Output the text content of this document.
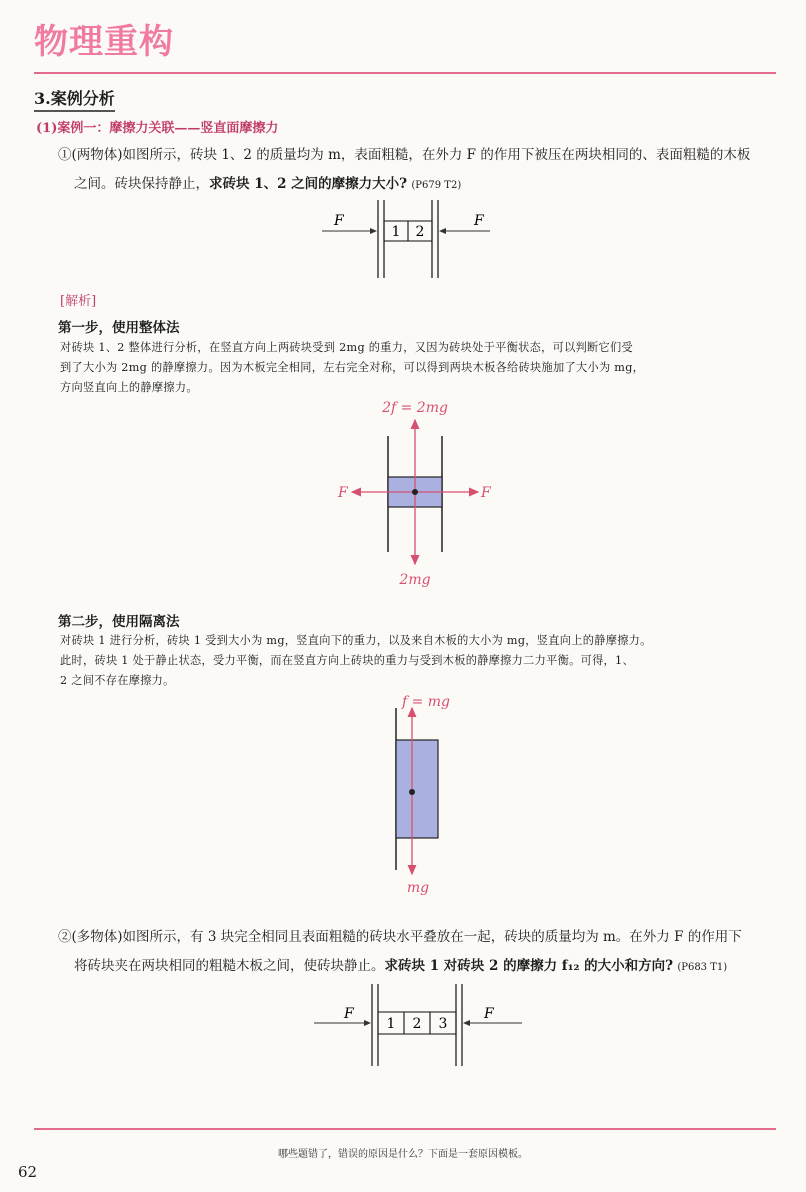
物理重构
3.案例分析
(1)案例一：摩擦力关联——竖直面摩擦力
①(两物体)如图所示，砖块 1、2 的质量均为 m，表面粗糙，在外力 F 的作用下被压在两块相同的、表面粗糙的木板
之间。砖块保持静止，求砖块 1、2 之间的摩擦力大小? (P679 T2)
1 2
F	F
[解析]
第一步，使用整体法
对砖块 1、2 整体进行分析，在竖直方向上两砖块受到 2mg 的重力，又因为砖块处于平衡状态，可以判断它们受
到了大小为 2mg 的静摩擦力。因为木板完全相同，左右完全对称，可以得到两块木板各给砖块施加了大小为 mg，
方向竖直向上的静摩擦力。
2f = 2mg
F	F
2mg
第二步，使用隔离法
对砖块 1 进行分析，砖块 1 受到大小为 mg，竖直向下的重力，以及来自木板的大小为 mg，竖直向上的静摩擦力。
此时，砖块 1 处于静止状态，受力平衡，而在竖直方向上砖块的重力与受到木板的静摩擦力二力平衡。可得，1、
2 之间不存在摩擦力。
f = mg
mg
②(多物体)如图所示，有 3 块完全相同且表面粗糙的砖块水平叠放在一起，砖块的质量均为 m。在外力 F 的作用下
将砖块夹在两块相同的粗糙木板之间，使砖块静止。求砖块 1 对砖块 2 的摩擦力 f₁₂ 的大小和方向? (P683 T1)
1 2 3
F	F
哪些题错了，错误的原因是什么？下面是一套原因模板。
62
